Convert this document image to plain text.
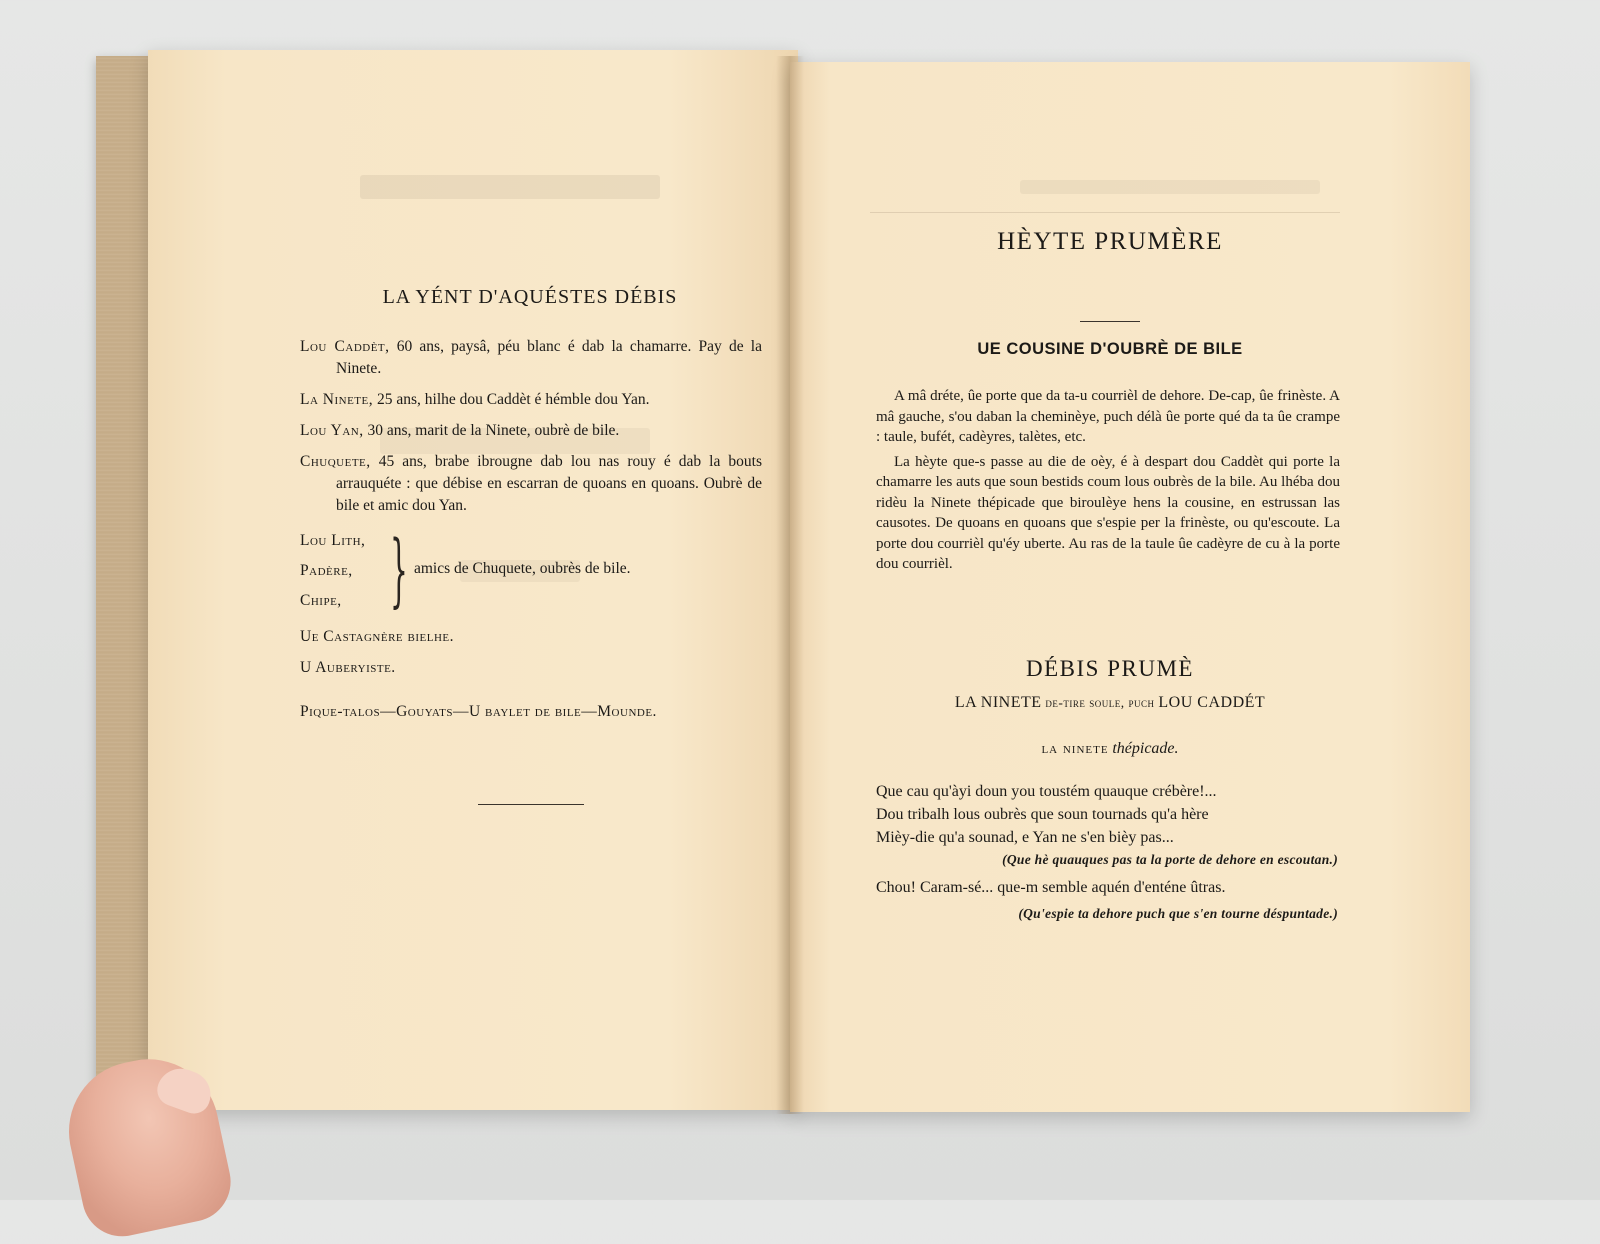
LA YÉNT D'AQUÉSTES DÉBIS
Lou Caddèt, 60 ans, paysâ, péu blanc é dab la chamarre. Pay de la Ninete.
La Ninete, 25 ans, hilhe dou Caddèt é hémble dou Yan.
Lou Yan, 30 ans, marit de la Ninete, oubrè de bile.
Chuquete, 45 ans, brabe ibrougne dab lou nas rouy é dab la bouts arrauquéte : que débise en escarran de quoans en quoans. Oubrè de bile et amic dou Yan.
Lou Lith,
Padère,
Chipe, } amics de Chuquete, oubrès de bile.
Ue Castagnère bielhe.
U Auberyiste.
Pique-talos—Gouyats—U baylet de bile—Mounde.
HÈYTE PRUMÈRE
UE COUSINE D'OUBRÈ DE BILE

A mâ dréte, ûe porte que da ta-u courrièl de dehore. De-cap, ûe frinèste. A mâ gauche, s'ou daban la cheminèye, puch délà ûe porte qué da ta ûe crampe : taule, bufét, cadèyres, talètes, etc.

La hèyte que-s passe au die de oèy, é à despart dou Caddèt qui porte la chamarre les auts que soun bestids coum lous oubrès de la bile. Au lhéba dou ridèu la Ninete thépicade que biroulèye hens la cousine, en estrussan las causotes. De quoans en quoans que s'espie per la frinèste, ou qu'escoute. La porte dou courrièl qu'éy uberte. Au ras de la taule ûe cadèyre de cu à la porte dou courrièl.

DÉBIS PRUMÈ
LA NINETE de-tire soule, puch LOU CADDÉT
la ninete thépicade.
Que cau qu'àyi doun you toustém quauque crébère!...
Dou tribalh lous oubrès que soun tournads qu'a hère
Mièy-die qu'a sounad, e Yan ne s'en bièy pas...
(Que hè quauques pas ta la porte de dehore en escoutan.)
Chou! Caram-sé... que-m semble aquén d'enténe ûtras.
(Qu'espie ta dehore puch que s'en tourne déspuntade.)
